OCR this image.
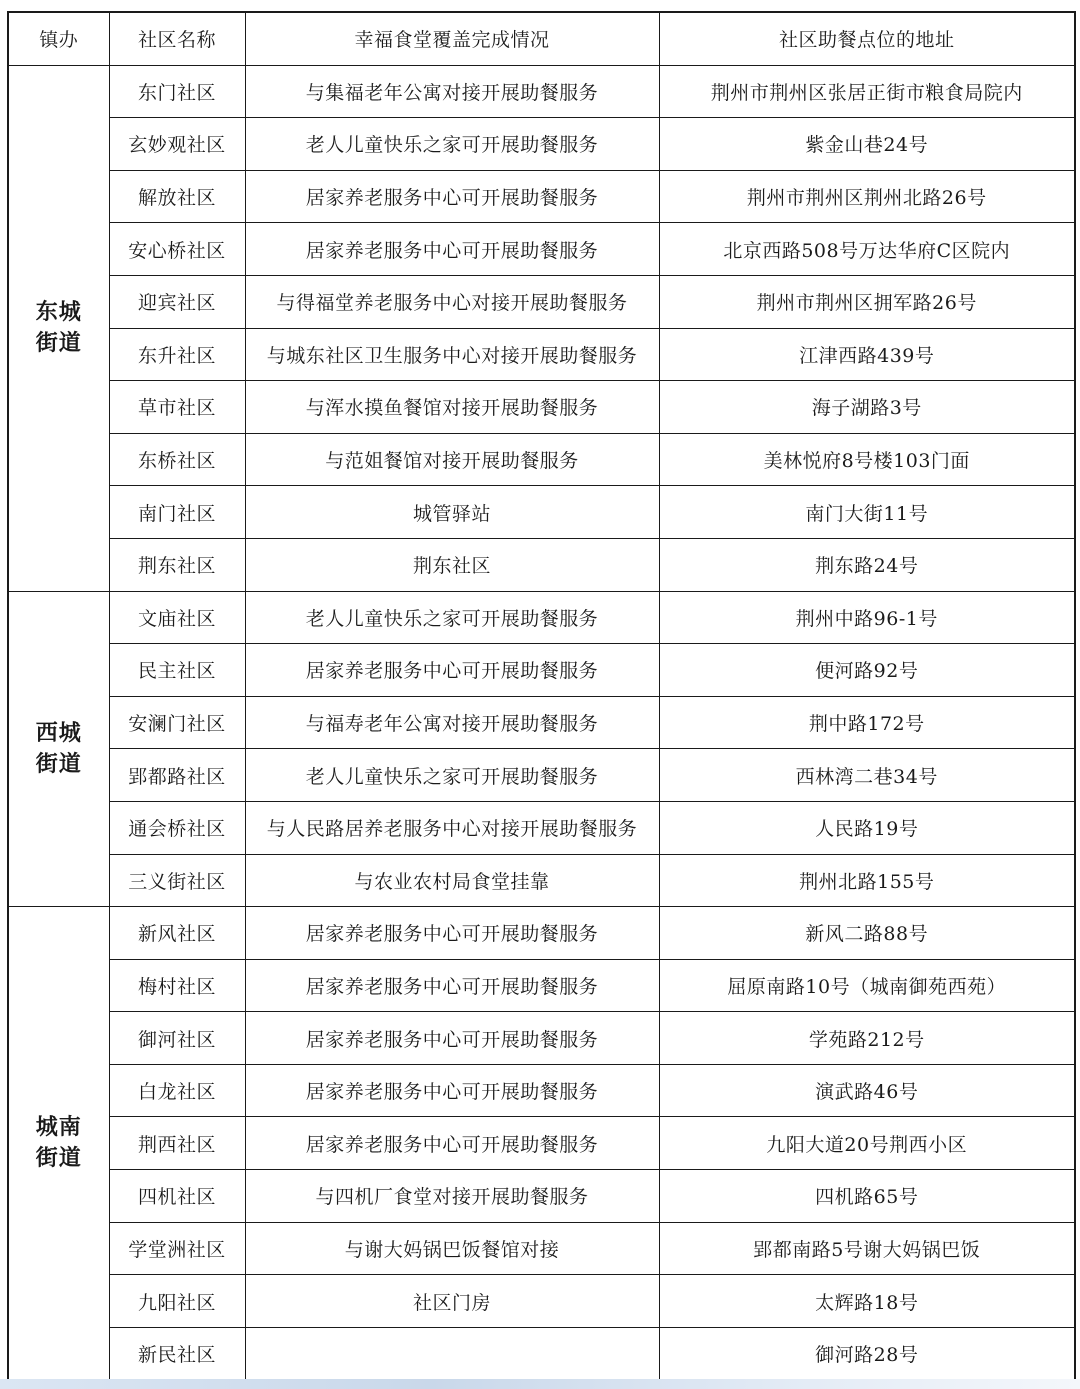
镇办	社区名称	幸福食堂覆盖完成情况	社区助餐点位的地址
东城街道	东门社区	与集福老年公寓对接开展助餐服务	荆州市荆州区张居正街市粮食局院内
	玄妙观社区	老人儿童快乐之家可开展助餐服务	紫金山巷24号
	解放社区	居家养老服务中心可开展助餐服务	荆州市荆州区荆州北路26号
	安心桥社区	居家养老服务中心可开展助餐服务	北京西路508号万达华府C区院内
	迎宾社区	与得福堂养老服务中心对接开展助餐服务	荆州市荆州区拥军路26号
	东升社区	与城东社区卫生服务中心对接开展助餐服务	江津西路439号
	草市社区	与浑水摸鱼餐馆对接开展助餐服务	海子湖路3号
	东桥社区	与范姐餐馆对接开展助餐服务	美林悦府8号楼103门面
	南门社区	城管驿站	南门大街11号
	荆东社区	荆东社区	荆东路24号
西城街道	文庙社区	老人儿童快乐之家可开展助餐服务	荆州中路96-1号
	民主社区	居家养老服务中心可开展助餐服务	便河路92号
	安澜门社区	与福寿老年公寓对接开展助餐服务	荆中路172号
	郢都路社区	老人儿童快乐之家可开展助餐服务	西林湾二巷34号
	通会桥社区	与人民路居养老服务中心对接开展助餐服务	人民路19号
	三义街社区	与农业农村局食堂挂靠	荆州北路155号
城南街道	新风社区	居家养老服务中心可开展助餐服务	新风二路88号
	梅村社区	居家养老服务中心可开展助餐服务	屈原南路10号（城南御苑西苑）
	御河社区	居家养老服务中心可开展助餐服务	学苑路212号
	白龙社区	居家养老服务中心可开展助餐服务	演武路46号
	荆西社区	居家养老服务中心可开展助餐服务	九阳大道20号荆西小区
	四机社区	与四机厂食堂对接开展助餐服务	四机路65号
	学堂洲社区	与谢大妈锅巴饭餐馆对接	郢都南路5号谢大妈锅巴饭
	九阳社区	社区门房	太辉路18号
	新民社区		御河路28号
